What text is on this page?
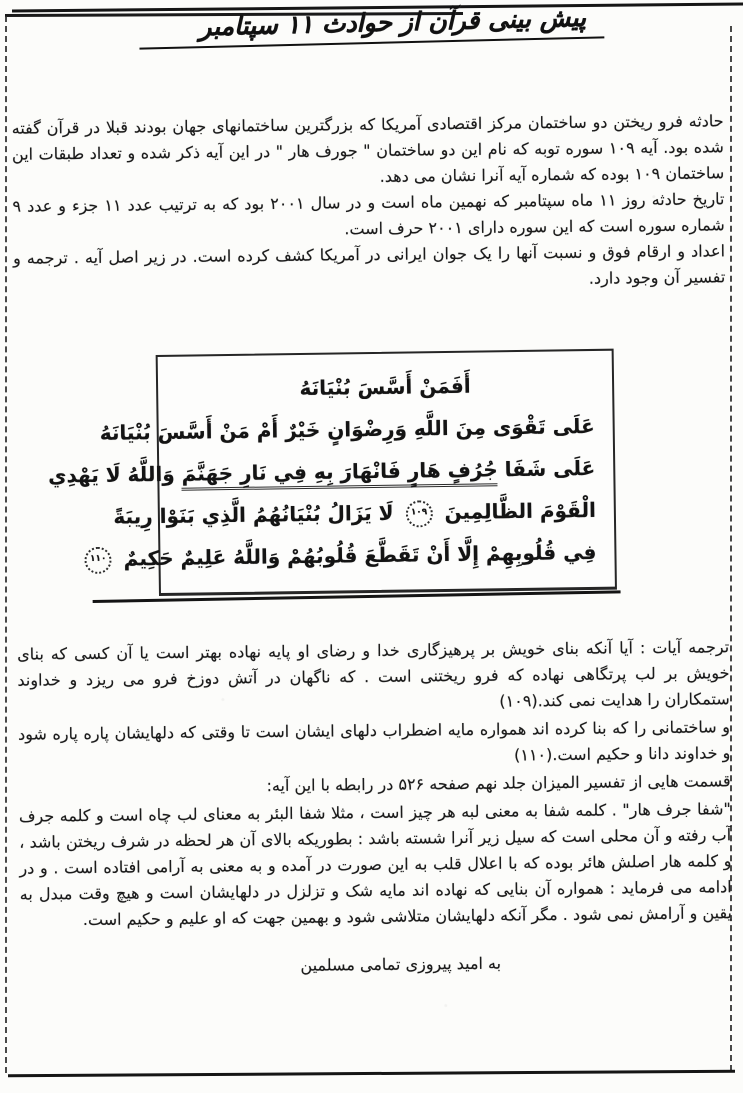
پیش بینی قرآن از حوادث ۱۱ سپتامبر

حادثه فرو ریختن دو ساختمان مرکز اقتصادی آمریکا که بزرگترین ساختمانهای جهان بودند قبلا در قرآن گفته شده بود. آیه ۱۰۹ سوره توبه که نام این دو ساختمان " جورف هار " در این آیه ذکر شده و تعداد طبقات این ساختمان ۱۰۹ بوده که شماره آیه آنرا نشان می دهد.

تاریخ حادثه روز ۱۱ ماه سپتامبر که نهمین ماه است و در سال ۲۰۰۱ بود که به ترتیب عدد ۱۱ جزء و عدد ۹ شماره سوره است که این سوره دارای ۲۰۰۱ حرف است.

اعداد و ارقام فوق و نسبت آنها را یک جوان ایرانی در آمریکا کشف کرده است. در زیر اصل آیه . ترجمه و تفسیر آن وجود دارد.

أَفَمَنْ أَسَّسَ بُنْيَانَهُ
عَلَى تَقْوَى مِنَ اللَّهِ وَرِضْوَانٍ خَيْرٌ أَمْ مَنْ أَسَّسَ بُنْيَانَهُ
عَلَى شَفَا جُرُفٍ هَارٍ فَانْهَارَ بِهِ فِي نَارِ جَهَنَّمَ وَاللَّهُ لَا يَهْدِي
الْقَوْمَ الظَّالِمِينَ ١٠٩ لَا يَزَالُ بُنْيَانُهُمُ الَّذِي بَنَوْا رِيبَةً
فِي قُلُوبِهِمْ إِلَّا أَنْ تَقَطَّعَ قُلُوبُهُمْ وَاللَّهُ عَلِيمٌ حَكِيمٌ ١١٠

ترجمه آیات : آیا آنکه بنای خویش بر پرهیزگاری خدا و رضای او پایه نهاده بهتر است یا آن کسی که بنای خویش بر لب پرتگاهی نهاده که فرو ریختنی است . که ناگهان در آتش دوزخ فرو می ریزد و خداوند ستمکاران را هدایت نمی کند.(۱۰۹)

و ساختمانی را که بنا کرده اند همواره مایه اضطراب دلهای ایشان است تا وقتی که دلهایشان پاره پاره شود و خداوند دانا و حکیم است.(۱۱۰)

قسمت هایی از تفسیر المیزان جلد نهم صفحه ۵۲۶ در رابطه با این آیه:

"شفا جرف هار" . کلمه شفا به معنی لبه هر چیز است ، مثلا شفا البئر به معنای لب چاه است و کلمه جرف آب رفته و آن محلی است که سیل زیر آنرا شسته باشد : بطوریکه بالای آن هر لحظه در شرف ریختن باشد ، و کلمه هار اصلش هائر بوده که با اعلال قلب به این صورت در آمده و به معنی به آرامی افتاده است . و در ادامه می فرماید : همواره آن بنایی که نهاده اند مایه شک و تزلزل در دلهایشان است و هیچ وقت مبدل به یقین و آرامش نمی شود . مگر آنکه دلهایشان متلاشی شود و بهمین جهت که او علیم و حکیم است.

به امید پیروزی تمامی مسلمین
